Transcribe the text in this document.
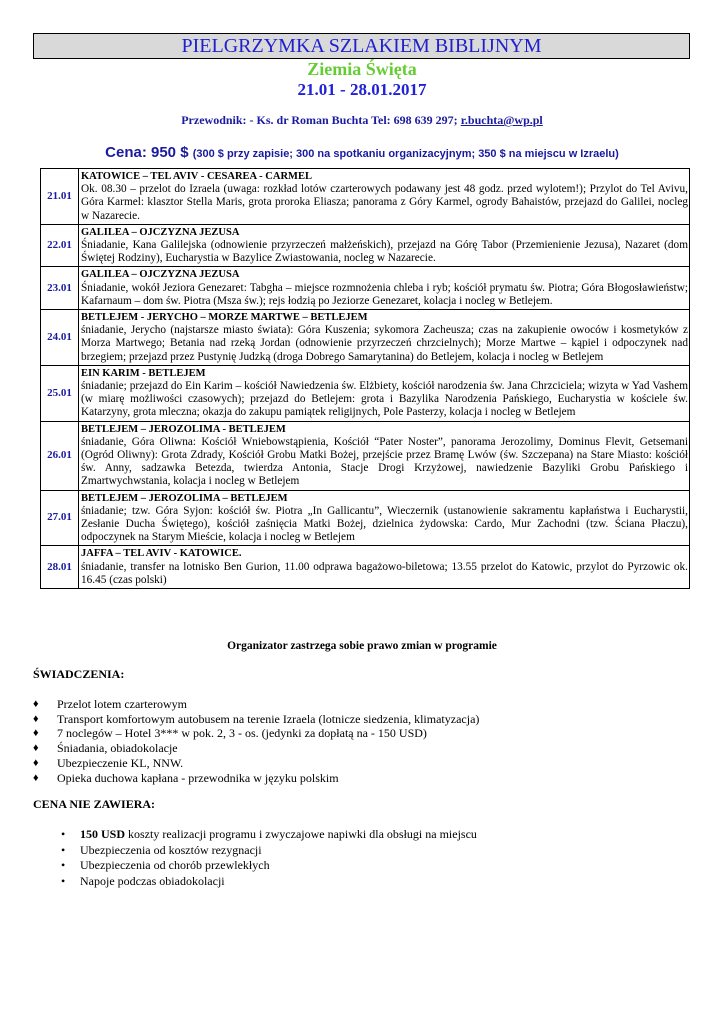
PIELGRZYMKA SZLAKIEM BIBLIJNYM
Ziemia Święta
21.01 - 28.01.2017
Przewodnik: - Ks. dr Roman Buchta Tel: 698 639 297; r.buchta@wp.pl
Cena: 950 $ (300 $ przy zapisie; 300 na spotkaniu organizacyjnym; 350 $ na miejscu w Izraelu)
21.01	KATOWICE – TEL AVIV - CESAREA - CARMEL
Ok. 08.30 – przelot do Izraela (uwaga: rozkład lotów czarterowych podawany jest 48 godz. przed wylotem!); Przylot do Tel Avivu, Góra Karmel: klasztor Stella Maris, grota proroka Eliasza; panorama z Góry Karmel, ogrody Bahaistów, przejazd do Galilei, nocleg w Nazarecie.

22.01	GALILEA – OJCZYZNA JEZUSA
Śniadanie, Kana Galilejska (odnowienie przyrzeczeń małżeńskich), przejazd na Górę Tabor (Przemienienie Jezusa), Nazaret (dom Świętej Rodziny), Eucharystia w Bazylice Zwiastowania, nocleg w Nazarecie.

23.01	GALILEA – OJCZYZNA JEZUSA
Śniadanie, wokół Jeziora Genezaret: Tabgha – miejsce rozmnożenia chleba i ryb; kościół prymatu św. Piotra; Góra Błogosławieństw; Kafarnaum – dom św. Piotra (Msza św.); rejs łodzią po Jeziorze Genezaret, kolacja i nocleg w Betlejem.

24.01	BETLEJEM - JERYCHO – MORZE MARTWE – BETLEJEM
śniadanie, Jerycho (najstarsze miasto świata): Góra Kuszenia; sykomora Zacheusza; czas na zakupienie owoców i kosmetyków z Morza Martwego; Betania nad rzeką Jordan (odnowienie przyrzeczeń chrzcielnych); Morze Martwe – kąpiel i odpoczynek nad brzegiem; przejazd przez Pustynię Judzką (droga Dobrego Samarytanina) do Betlejem, kolacja i nocleg w Betlejem

25.01	EIN KARIM - BETLEJEM
śniadanie; przejazd do Ein Karim – kościół Nawiedzenia św. Elżbiety, kościół narodzenia św. Jana Chrzciciela; wizyta w Yad Vashem (w miarę możliwości czasowych); przejazd do Betlejem: grota i Bazylika Narodzenia Pańskiego, Eucharystia w kościele św. Katarzyny, grota mleczna; okazja do zakupu pamiątek religijnych, Pole Pasterzy, kolacja i nocleg w Betlejem

26.01	BETLEJEM – JEROZOLIMA - BETLEJEM
śniadanie, Góra Oliwna: Kościół Wniebowstąpienia, Kościół “Pater Noster”, panorama Jerozolimy, Dominus Flevit, Getsemani (Ogród Oliwny): Grota Zdrady, Kościół Grobu Matki Bożej, przejście przez Bramę Lwów (św. Szczepana) na Stare Miasto: kościół św. Anny, sadzawka Betezda, twierdza Antonia, Stacje Drogi Krzyżowej, nawiedzenie Bazyliki Grobu Pańskiego i Zmartwychwstania, kolacja i nocleg w Betlejem

27.01	BETLEJEM – JEROZOLIMA – BETLEJEM
śniadanie; tzw. Góra Syjon: kościół św. Piotra „In Gallicantu”, Wieczernik (ustanowienie sakramentu kapłaństwa i Eucharystii, Zesłanie Ducha Świętego), kościół zaśnięcia Matki Bożej, dzielnica żydowska: Cardo, Mur Zachodni (tzw. Ściana Płaczu), odpoczynek na Starym Mieście, kolacja i nocleg w Betlejem

28.01	JAFFA – TEL AVIV - KATOWICE.
śniadanie, transfer na lotnisko Ben Gurion, 11.00 odprawa bagażowo-biletowa; 13.55 przelot do Katowic, przylot do Pyrzowic ok. 16.45 (czas polski)
Organizator zastrzega sobie prawo zmian w programie
ŚWIADCZENIA:
♦ Przelot lotem czarterowym
♦ Transport komfortowym autobusem na terenie Izraela (lotnicze siedzenia, klimatyzacja)
♦ 7 noclegów – Hotel 3*** w pok. 2, 3 - os. (jedynki za dopłatą na - 150 USD)
♦ Śniadania, obiadokolacje
♦ Ubezpieczenie KL, NNW.
♦ Opieka duchowa kapłana - przewodnika w języku polskim
CENA NIE ZAWIERA:
• 150 USD koszty realizacji programu i zwyczajowe napiwki dla obsługi na miejscu
• Ubezpieczenia od kosztów rezygnacji
• Ubezpieczenia od chorób przewlekłych
• Napoje podczas obiadokolacji
